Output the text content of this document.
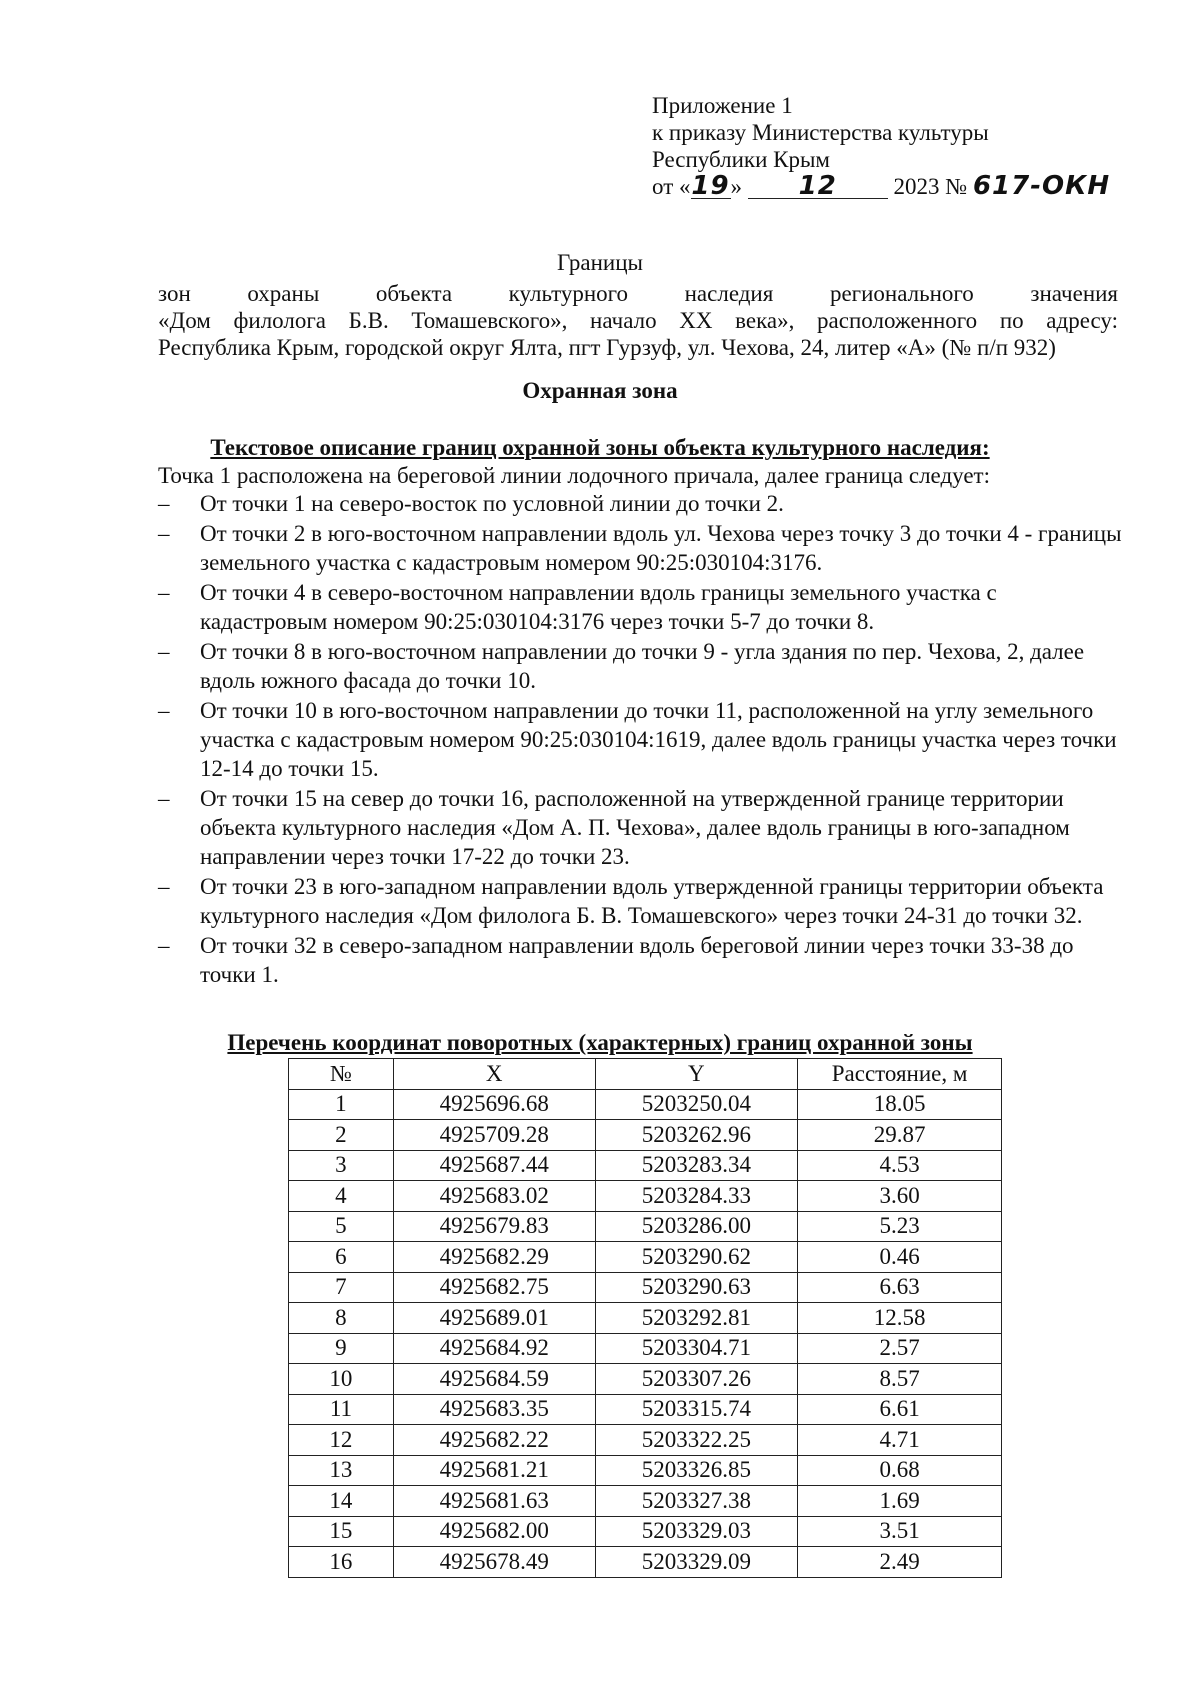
Приложение 1
к приказу Министерства культуры
Республики Крым
от «19» 12 2023 № 617-ОКН
Границы
зон охраны объекта культурного наследия регионального значения
«Дом филолога Б.В. Томашевского», начало XX века», расположенного по адресу:
Республика Крым, городской округ Ялта, пгт Гурзуф, ул. Чехова, 24, литер «А» (№ п/п 932)
Охранная зона
Текстовое описание границ охранной зоны объекта культурного наследия:
Точка 1 расположена на береговой линии лодочного причала, далее граница следует:
– От точки 1 на северо-восток по условной линии до точки 2.
– От точки 2 в юго-восточном направлении вдоль ул. Чехова через точку 3 до точки 4 - границы земельного участка с кадастровым номером 90:25:030104:3176.
– От точки 4 в северо-восточном направлении вдоль границы земельного участка с кадастровым номером 90:25:030104:3176 через точки 5-7 до точки 8.
– От точки 8 в юго-восточном направлении до точки 9 - угла здания по пер. Чехова, 2, далее вдоль южного фасада до точки 10.
– От точки 10 в юго-восточном направлении до точки 11, расположенной на углу земельного участка с кадастровым номером 90:25:030104:1619, далее вдоль границы участка через точки 12-14 до точки 15.
– От точки 15 на север до точки 16, расположенной на утвержденной границе территории объекта культурного наследия «Дом А. П. Чехова», далее вдоль границы в юго-западном направлении через точки 17-22 до точки 23.
– От точки 23 в юго-западном направлении вдоль утвержденной границы территории объекта культурного наследия «Дом филолога Б. В. Томашевского» через точки 24-31 до точки 32.
– От точки 32 в северо-западном направлении вдоль береговой линии через точки 33-38 до точки 1.
Перечень координат поворотных (характерных) границ охранной зоны
№	X	Y	Расстояние, м
1	4925696.68	5203250.04	18.05
2	4925709.28	5203262.96	29.87
3	4925687.44	5203283.34	4.53
4	4925683.02	5203284.33	3.60
5	4925679.83	5203286.00	5.23
6	4925682.29	5203290.62	0.46
7	4925682.75	5203290.63	6.63
8	4925689.01	5203292.81	12.58
9	4925684.92	5203304.71	2.57
10	4925684.59	5203307.26	8.57
11	4925683.35	5203315.74	6.61
12	4925682.22	5203322.25	4.71
13	4925681.21	5203326.85	0.68
14	4925681.63	5203327.38	1.69
15	4925682.00	5203329.03	3.51
16	4925678.49	5203329.09	2.49
